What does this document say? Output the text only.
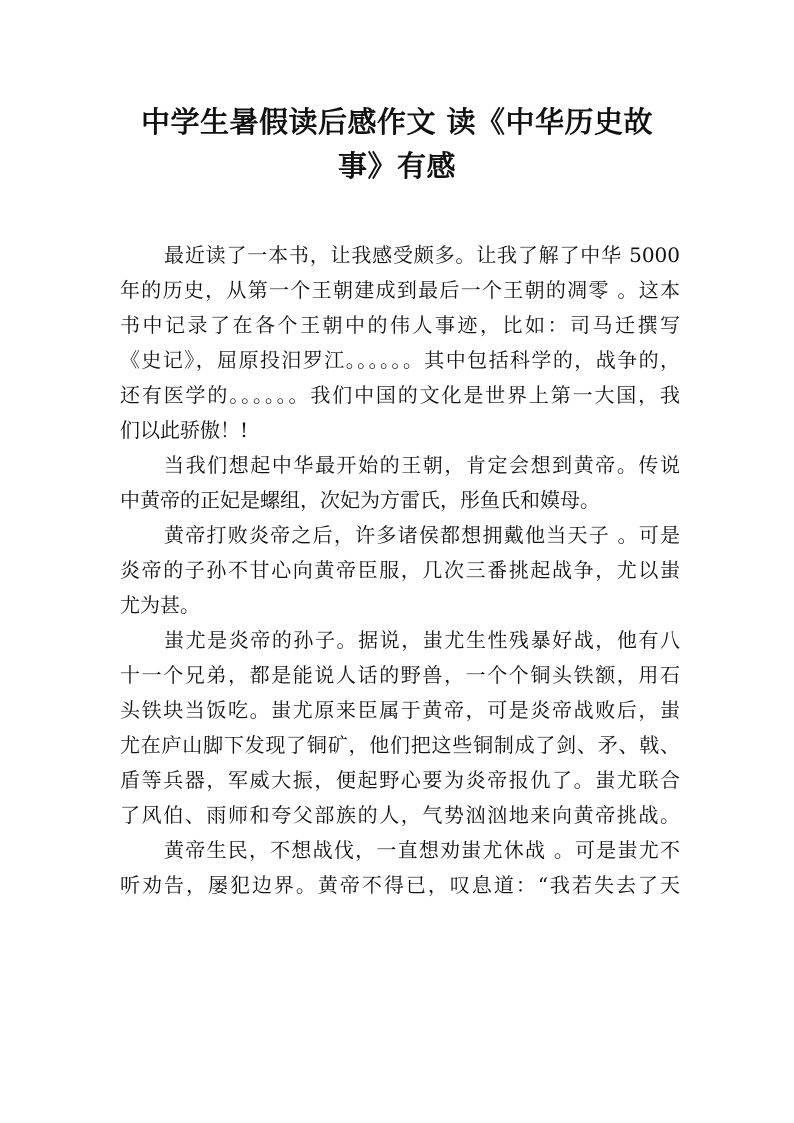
中学生暑假读后感作文 读《中华历史故
事》有感
最近读了一本书，让我感受颇多。让我了解了中华 5000
年的历史，从第一个王朝建成到最后一个王朝的凋零 。这本
书中记录了在各个王朝中的伟人事迹，比如：司马迁撰写
《史记》，屈原投汨罗江。。。。。。其中包括科学的，战争的，
还有医学的。。。。。。我们中国的文化是世界上第一大国，我
们以此骄傲！!
当我们想起中华最开始的王朝，肯定会想到黄帝。传说
中黄帝的正妃是螺组，次妃为方雷氏，彤鱼氏和嫫母。
黄帝打败炎帝之后，许多诸侯都想拥戴他当天子 。可是
炎帝的子孙不甘心向黄帝臣服，几次三番挑起战争，尤以蚩
尤为甚。
蚩尤是炎帝的孙子。据说，蚩尤生性残暴好战，他有八
十一个兄弟，都是能说人话的野兽，一个个铜头铁额，用石
头铁块当饭吃。蚩尤原来臣属于黄帝，可是炎帝战败后，蚩
尤在庐山脚下发现了铜矿，他们把这些铜制成了剑、矛、戟、
盾等兵器，军威大振，便起野心要为炎帝报仇了。蚩尤联合
了风伯、雨师和夸父部族的人，气势汹汹地来向黄帝挑战。
黄帝生民，不想战伐，一直想劝蚩尤休战 。可是蚩尤不
听劝告，屡犯边界。黄帝不得已，叹息道：“我若失去了天
